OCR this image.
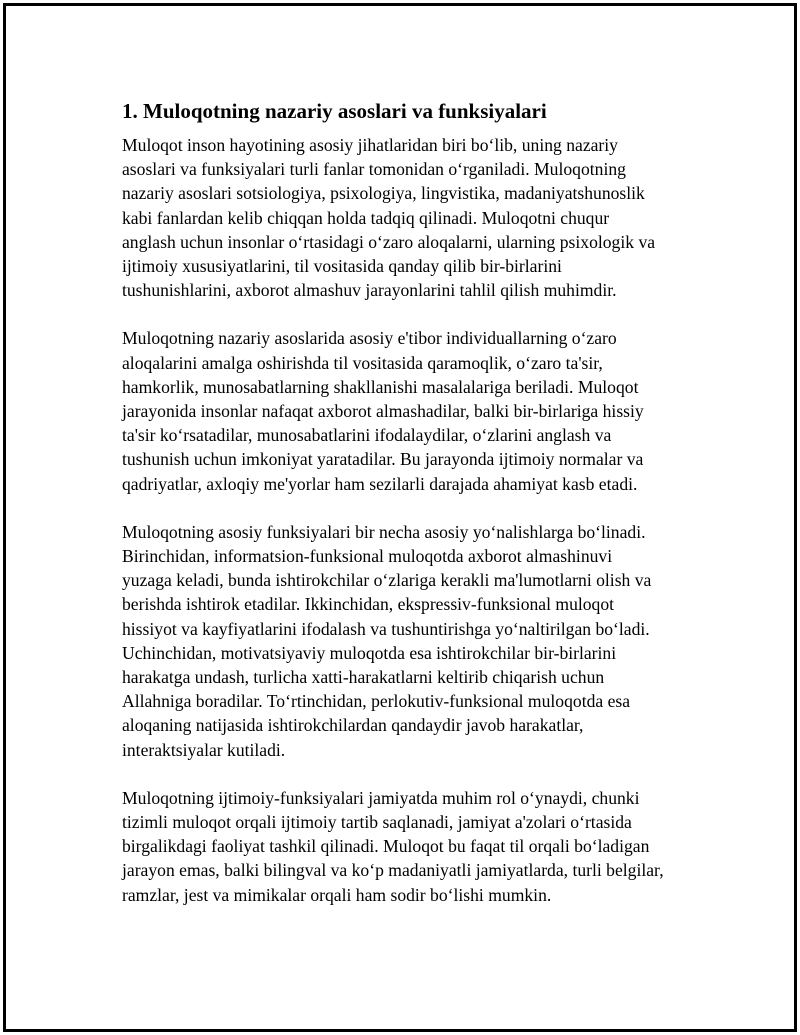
1. Muloqotning nazariy asoslari va funksiyalari

Muloqot inson hayotining asosiy jihatlaridan biri bo‘lib, uning nazariy
asoslari va funksiyalari turli fanlar tomonidan o‘rganiladi. Muloqotning
nazariy asoslari sotsiologiya, psixologiya, lingvistika, madaniyatshunoslik
kabi fanlardan kelib chiqqan holda tadqiq qilinadi. Muloqotni chuqur
anglash uchun insonlar o‘rtasidagi o‘zaro aloqalarni, ularning psixologik va
ijtimoiy xususiyatlarini, til vositasida qanday qilib bir-birlarini
tushunishlarini, axborot almashuv jarayonlarini tahlil qilish muhimdir.

Muloqotning nazariy asoslarida asosiy e'tibor individuallarning o‘zaro
aloqalarini amalga oshirishda til vositasida qaramoqlik, o‘zaro ta'sir,
hamkorlik, munosabatlarning shakllanishi masalalariga beriladi. Muloqot
jarayonida insonlar nafaqat axborot almashadilar, balki bir-birlariga hissiy
ta'sir ko‘rsatadilar, munosabatlarini ifodalaydilar, o‘zlarini anglash va
tushunish uchun imkoniyat yaratadilar. Bu jarayonda ijtimoiy normalar va
qadriyatlar, axloqiy me'yorlar ham sezilarli darajada ahamiyat kasb etadi.

Muloqotning asosiy funksiyalari bir necha asosiy yo‘nalishlarga bo‘linadi.
Birinchidan, informatsion-funksional muloqotda axborot almashinuvi
yuzaga keladi, bunda ishtirokchilar o‘zlariga kerakli ma'lumotlarni olish va
berishda ishtirok etadilar. Ikkinchidan, ekspressiv-funksional muloqot
hissiyot va kayfiyatlarini ifodalash va tushuntirishga yo‘naltirilgan bo‘ladi.
Uchinchidan, motivatsiyaviy muloqotda esa ishtirokchilar bir-birlarini
harakatga undash, turlicha xatti-harakatlarni keltirib chiqarish uchun
Allahniga boradilar. To‘rtinchidan, perlokutiv-funksional muloqotda esa
aloqaning natijasida ishtirokchilardan qandaydir javob harakatlar,
interaktsiyalar kutiladi.

Muloqotning ijtimoiy-funksiyalari jamiyatda muhim rol o‘ynaydi, chunki
tizimli muloqot orqali ijtimoiy tartib saqlanadi, jamiyat a'zolari o‘rtasida
birgalikdagi faoliyat tashkil qilinadi. Muloqot bu faqat til orqali bo‘ladigan
jarayon emas, balki bilingval va ko‘p madaniyatli jamiyatlarda, turli belgilar,
ramzlar, jest va mimikalar orqali ham sodir bo‘lishi mumkin.
